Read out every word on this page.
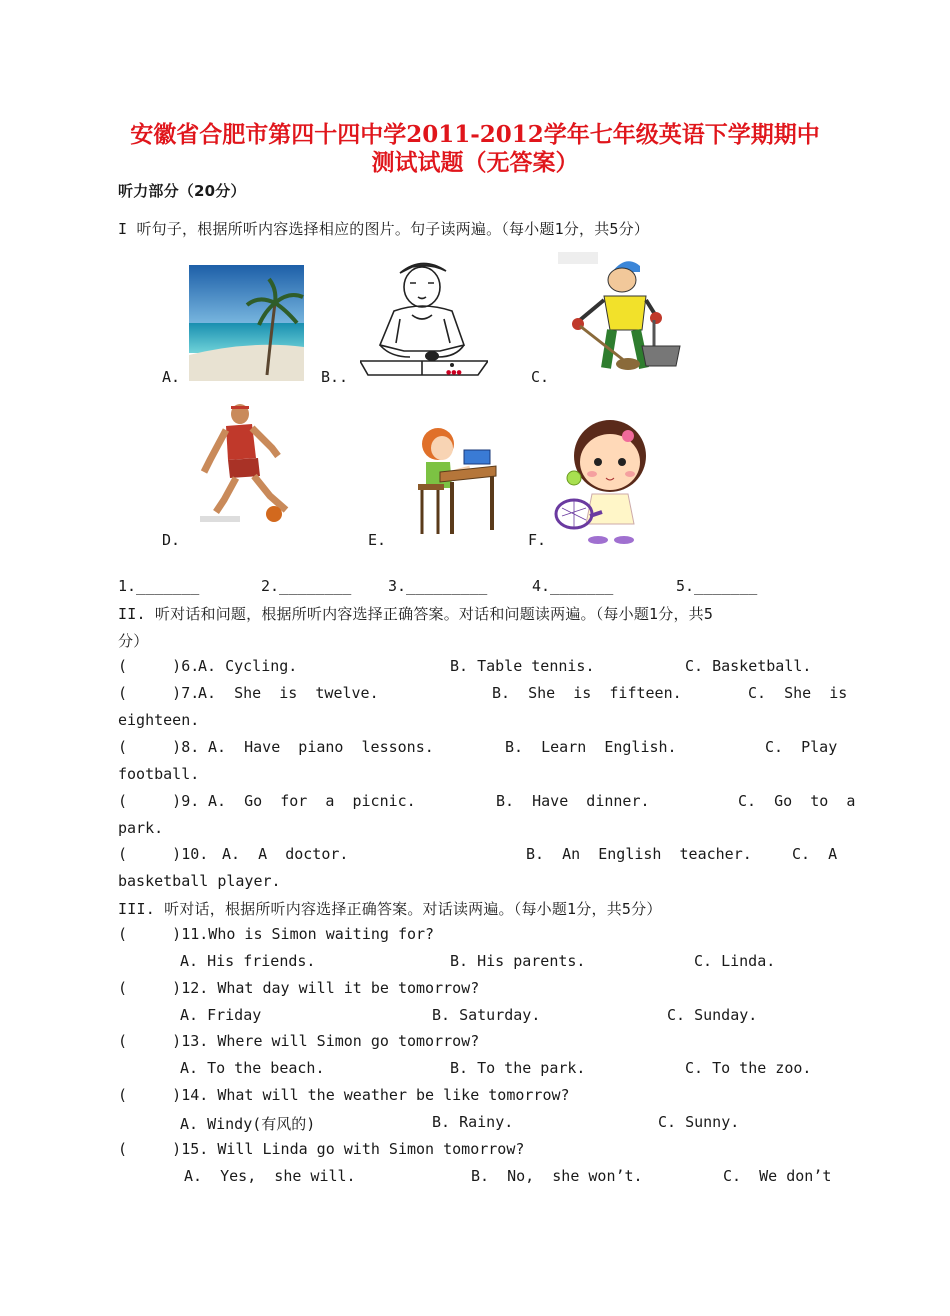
安徽省合肥市第四十四中学2011-2012学年七年级英语下学期期中
测试试题（无答案）
听力部分（20分）
I 听句子，根据所听内容选择相应的图片。句子读两遍。（每小题1分，共5分）
A.	●●●
B..	C.
D.	E.	F.
1._______	2.________ 3._________	4._______	5._______
II. 听对话和问题，根据所听内容选择正确答案。对话和问题读两遍。（每小题1分，共5
分）
(     )6.
A. Cycling.	B. Table tennis.	C. Basketball.
(     )7.
A.  She  is  twelve.	B.  She  is  fifteen.	C.  She  is
eighteen.
(     )8. A.  Have  piano  lessons.	B.  Learn  English.	C.  Play
football.
(     )9. A.  Go  for  a  picnic.	B.  Have  dinner.	C.  Go  to  a
park.
(     )10. A.  A  doctor.	B.  An  English  teacher.	C.  A
basketball player.
III. 听对话，根据所听内容选择正确答案。对话读两遍。（每小题1分，共5分）
(     )11.Who is Simon waiting for?
A. His friends.	B. His parents.	C. Linda.
(     )12. What day will it be tomorrow?
A. Friday	B. Saturday.	C. Sunday.
(     )13. Where will Simon go tomorrow?
A. To the beach.	B. To the park.	C. To the zoo.
(     )14. What will the weather be like tomorrow?
A. Windy(有风的)	B. Rainy.	C. Sunny.
(     )15. Will Linda go with Simon tomorrow?
A.  Yes,  she will.	B.  No,  she won’t.	C.  We don’t
